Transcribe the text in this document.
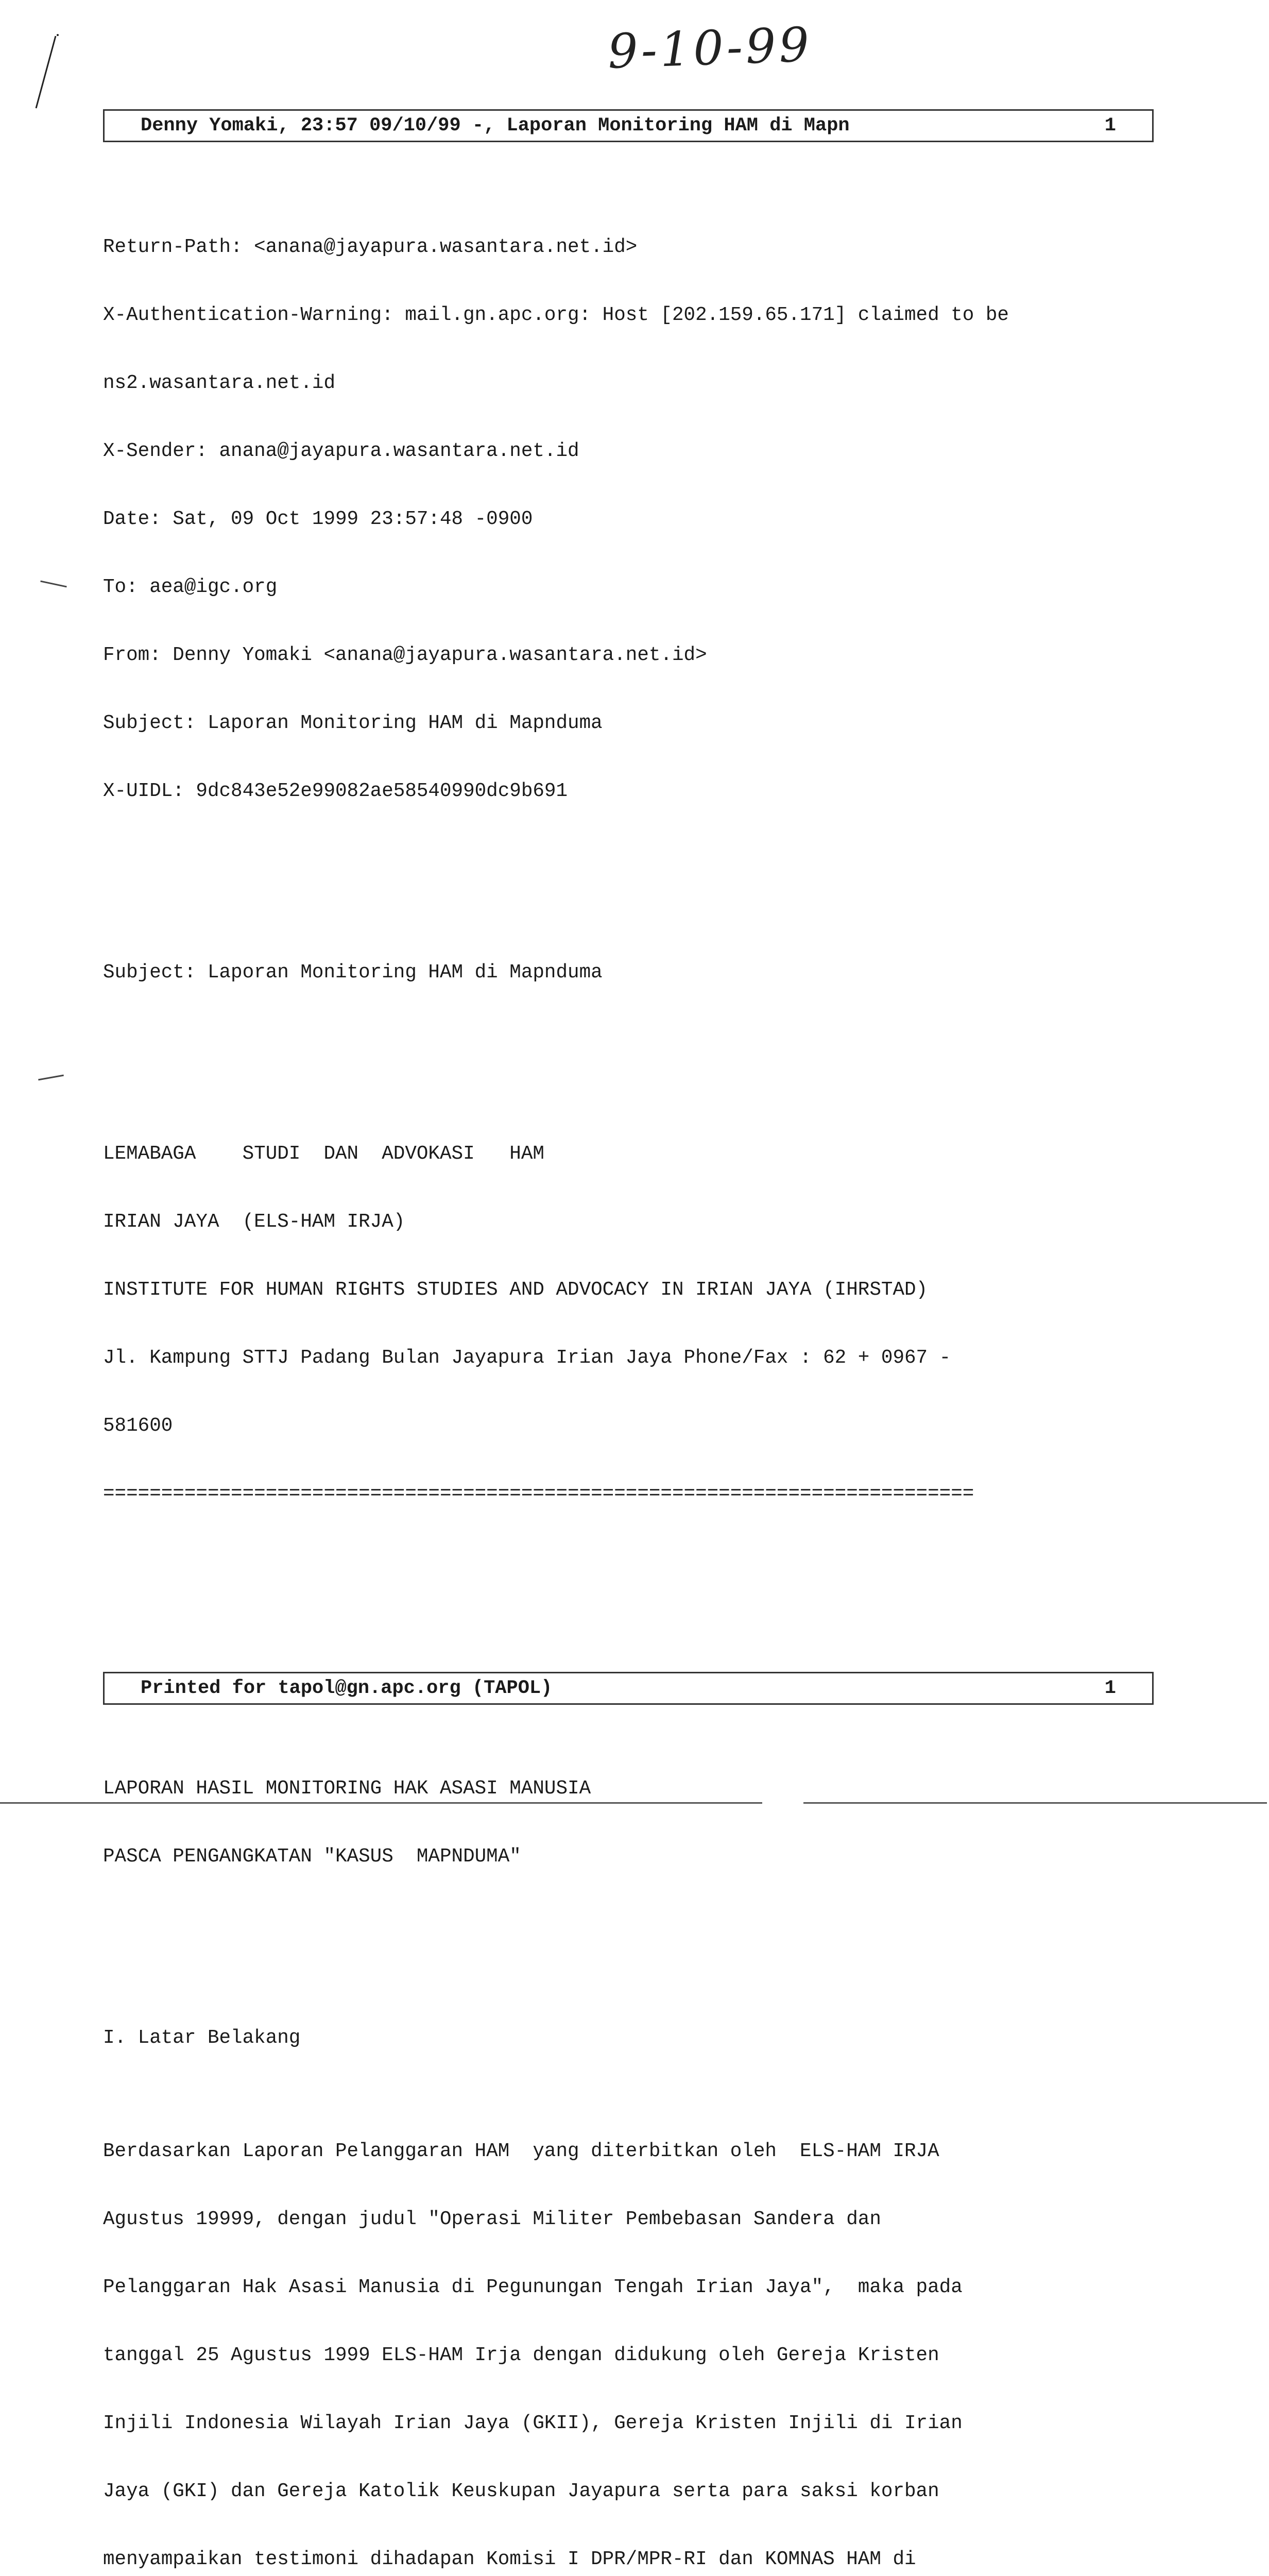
9-10-99
Denny Yomaki, 23:57 09/10/99 -, Laporan Monitoring HAM di Mapn	1

Return-Path: <anana@jayapura.wasantara.net.id>

X-Authentication-Warning: mail.gn.apc.org: Host [202.159.65.171] claimed to be

ns2.wasantara.net.id

X-Sender: anana@jayapura.wasantara.net.id

Date: Sat, 09 Oct 1999 23:57:48 -0900

To: aea@igc.org

From: Denny Yomaki <anana@jayapura.wasantara.net.id>

Subject: Laporan Monitoring HAM di Mapnduma

X-UIDL: 9dc843e52e99082ae58540990dc9b691

Subject: Laporan Monitoring HAM di Mapnduma

LEMABAGA    STUDI  DAN  ADVOKASI   HAM

IRIAN JAYA  (ELS-HAM IRJA)

INSTITUTE FOR HUMAN RIGHTS STUDIES AND ADVOCACY IN IRIAN JAYA (IHRSTAD)

Jl. Kampung STTJ Padang Bulan Jayapura Irian Jaya Phone/Fax : 62 + 0967 -

581600

===========================================================================

LAPORAN HASIL MONITORING HAK ASASI MANUSIA

PASCA PENGANGKATAN "KASUS  MAPNDUMA"

I. Latar Belakang

Berdasarkan Laporan Pelanggaran HAM  yang diterbitkan oleh  ELS-HAM IRJA

Agustus 19999, dengan judul "Operasi Militer Pembebasan Sandera dan

Pelanggaran Hak Asasi Manusia di Pegunungan Tengah Irian Jaya",  maka pada

tanggal 25 Agustus 1999 ELS-HAM Irja dengan didukung oleh Gereja Kristen

Injili Indonesia Wilayah Irian Jaya (GKII), Gereja Kristen Injili di Irian

Jaya (GKI) dan Gereja Katolik Keuskupan Jayapura serta para saksi korban

menyampaikan testimoni dihadapan Komisi I DPR/MPR-RI dan KOMNAS HAM di

Printed for tapol@gn.apc.org (TAPOL)	1
